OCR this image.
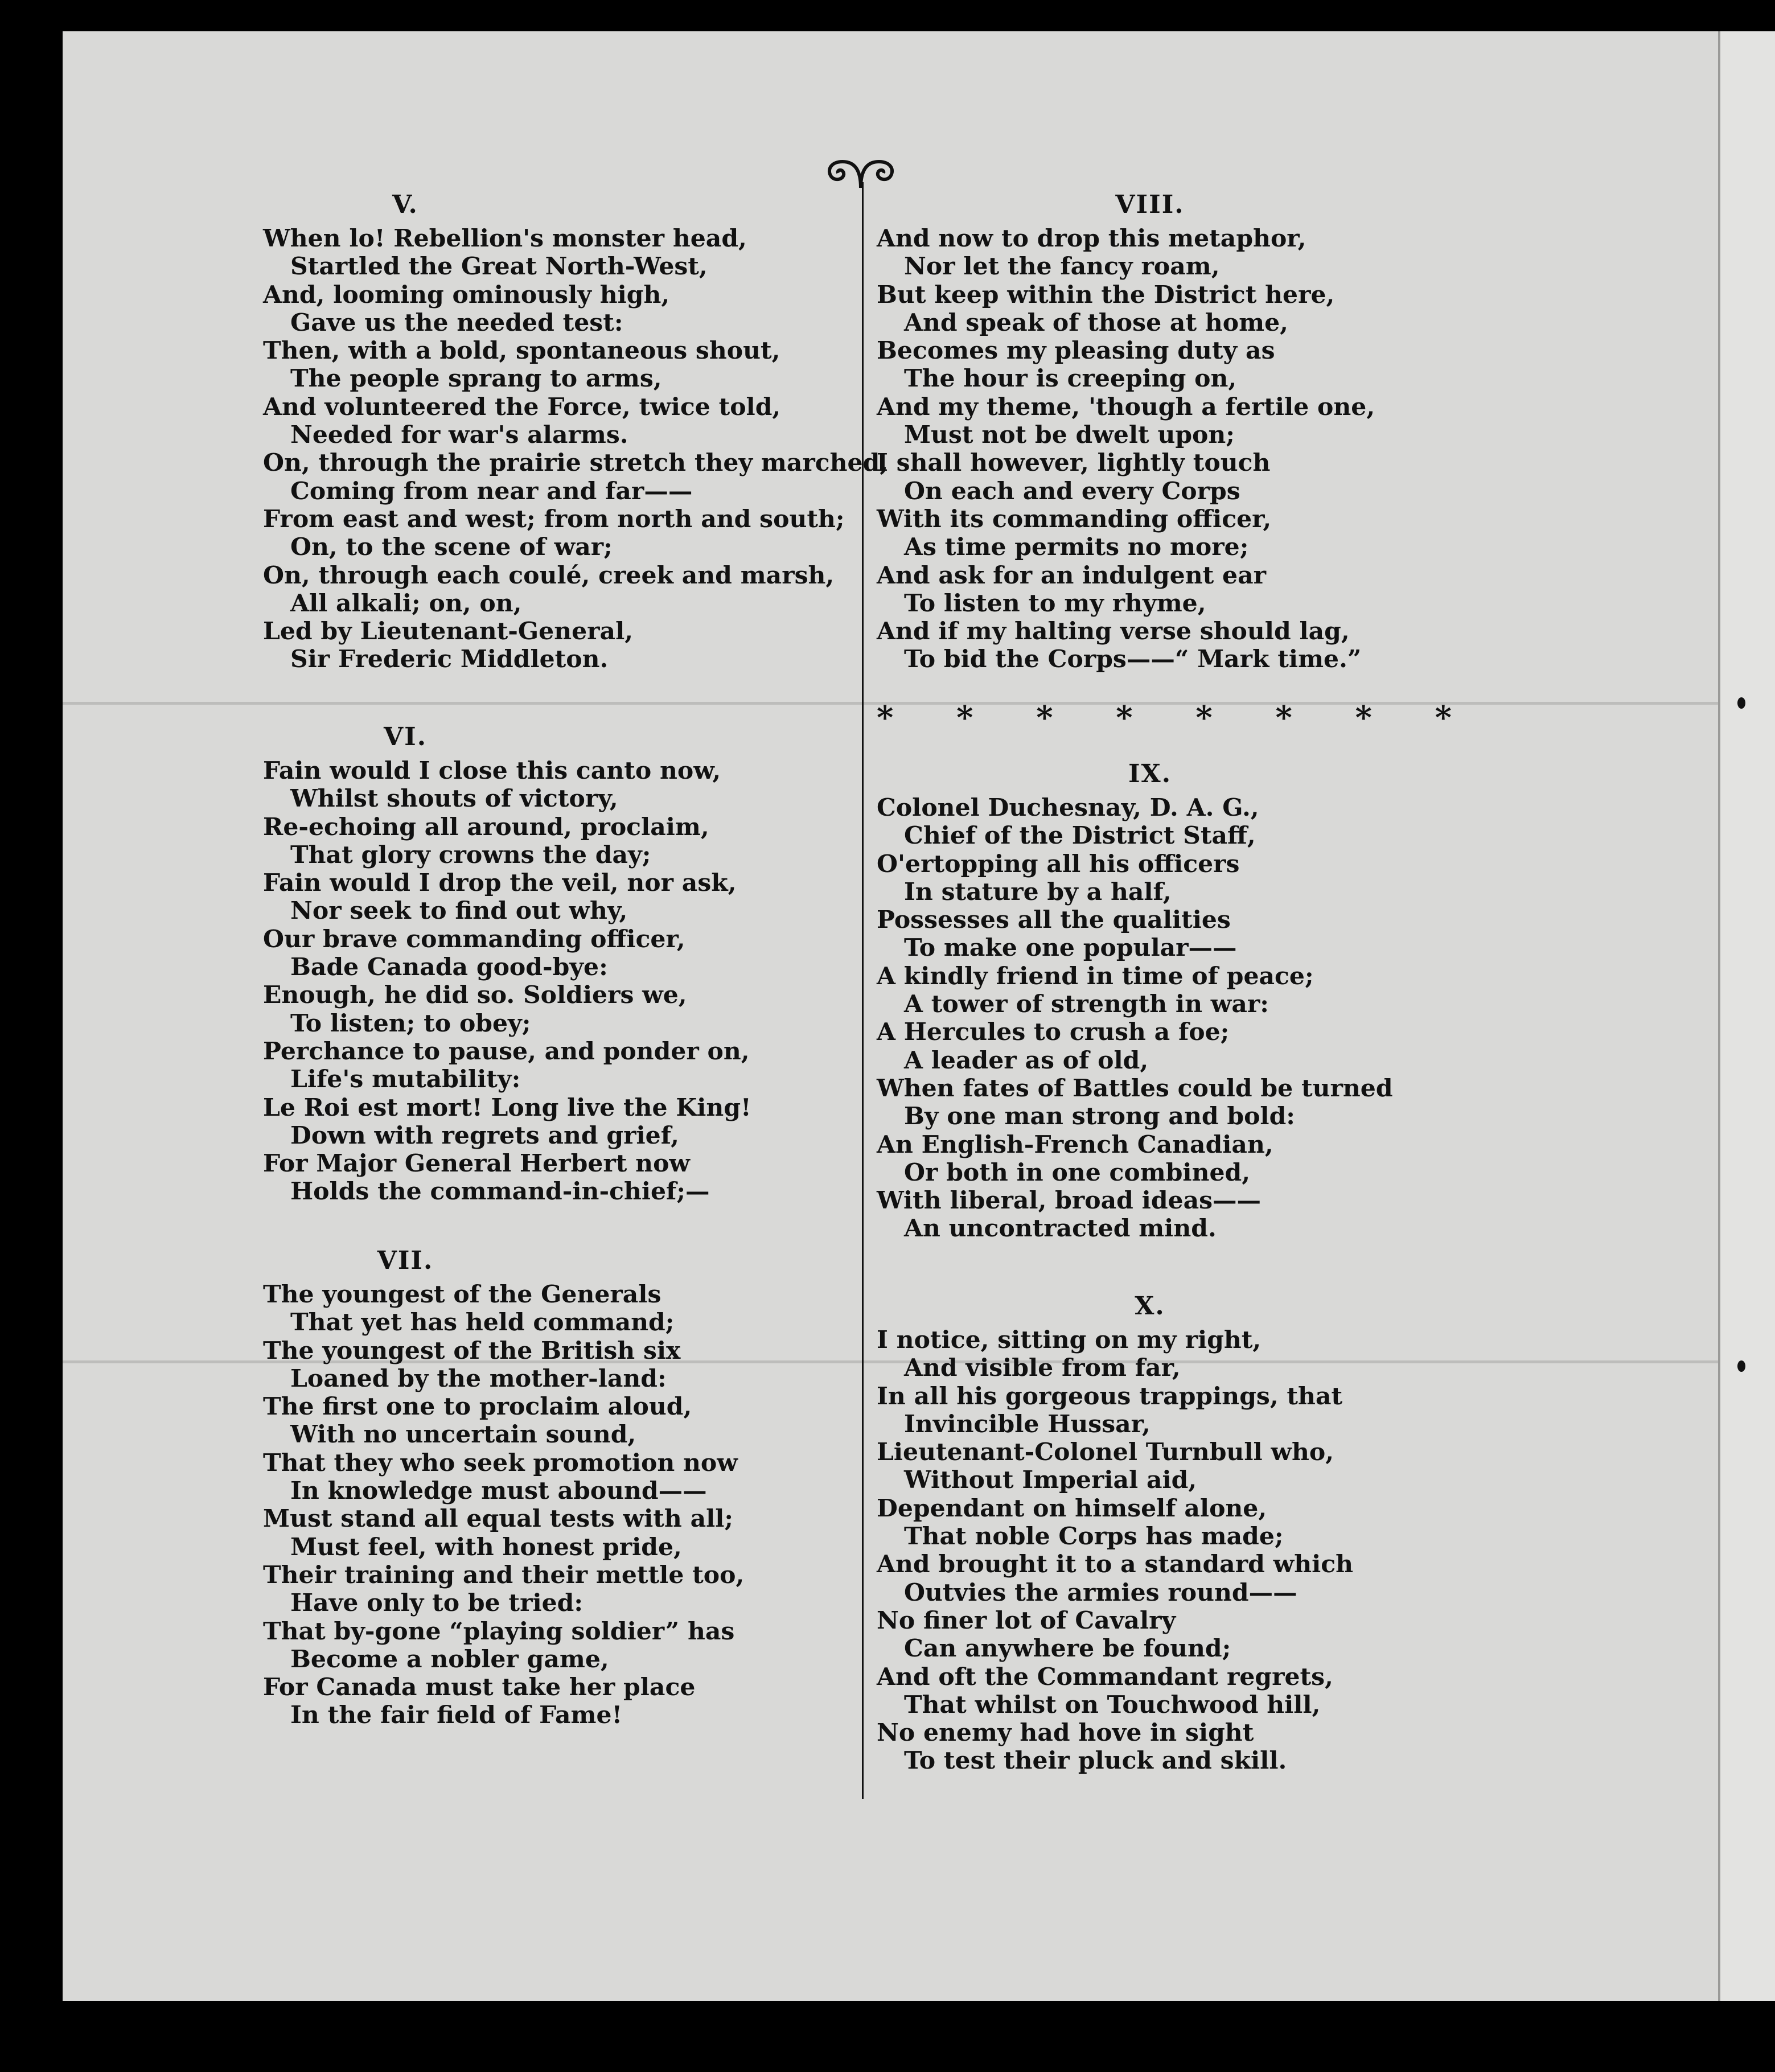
V.
When lo! Rebellion's monster head,
Startled the Great North-West,
And, looming ominously high,
Gave us the needed test:
Then, with a bold, spontaneous shout,
The people sprang to arms,
And volunteered the Force, twice told,
Needed for war's alarms.
On, through the prairie stretch they marched,
Coming from near and far——
From east and west; from north and south;
On, to the scene of war;
On, through each coulé, creek and marsh,
All alkali; on, on,
Led by Lieutenant-General,
Sir Frederic Middleton.
VI.
Fain would I close this canto now,
Whilst shouts of victory,
Re-echoing all around, proclaim,
That glory crowns the day;
Fain would I drop the veil, nor ask,
Nor seek to find out why,
Our brave commanding officer,
Bade Canada good-bye:
Enough, he did so. Soldiers we,
To listen; to obey;
Perchance to pause, and ponder on,
Life's mutability:
Le Roi est mort! Long live the King!
Down with regrets and grief,
For Major General Herbert now
Holds the command-in-chief;—
VII.
The youngest of the Generals
That yet has held command;
The youngest of the British six
Loaned by the mother-land:
The first one to proclaim aloud,
With no uncertain sound,
That they who seek promotion now
In knowledge must abound——
Must stand all equal tests with all;
Must feel, with honest pride,
Their training and their mettle too,
Have only to be tried:
That by-gone “playing soldier” has
Become a nobler game,
For Canada must take her place
In the fair field of Fame!
VIII.
And now to drop this metaphor,
Nor let the fancy roam,
But keep within the District here,
And speak of those at home,
Becomes my pleasing duty as
The hour is creeping on,
And my theme, 'though a fertile one,
Must not be dwelt upon;
I shall however, lightly touch
On each and every Corps
With its commanding officer,
As time permits no more;
And ask for an indulgent ear
To listen to my rhyme,
And if my halting verse should lag,
To bid the Corps——“ Mark time.”
IX.
Colonel Duchesnay, D. A. G.,
Chief of the District Staff,
O'ertopping all his officers
In stature by a half,
Possesses all the qualities
To make one popular——
A kindly friend in time of peace;
A tower of strength in war:
A Hercules to crush a foe;
A leader as of old,
When fates of Battles could be turned
By one man strong and bold:
An English-French Canadian,
Or both in one combined,
With liberal, broad ideas——
An uncontracted mind.
X.
I notice, sitting on my right,
And visible from far,
In all his gorgeous trappings, that
Invincible Hussar,
Lieutenant-Colonel Turnbull who,
Without Imperial aid,
Dependant on himself alone,
That noble Corps has made;
And brought it to a standard which
Outvies the armies round——
No finer lot of Cavalry
Can anywhere be found;
And oft the Commandant regrets,
That whilst on Touchwood hill,
No enemy had hove in sight
To test their pluck and skill.
* * * * * * * *
